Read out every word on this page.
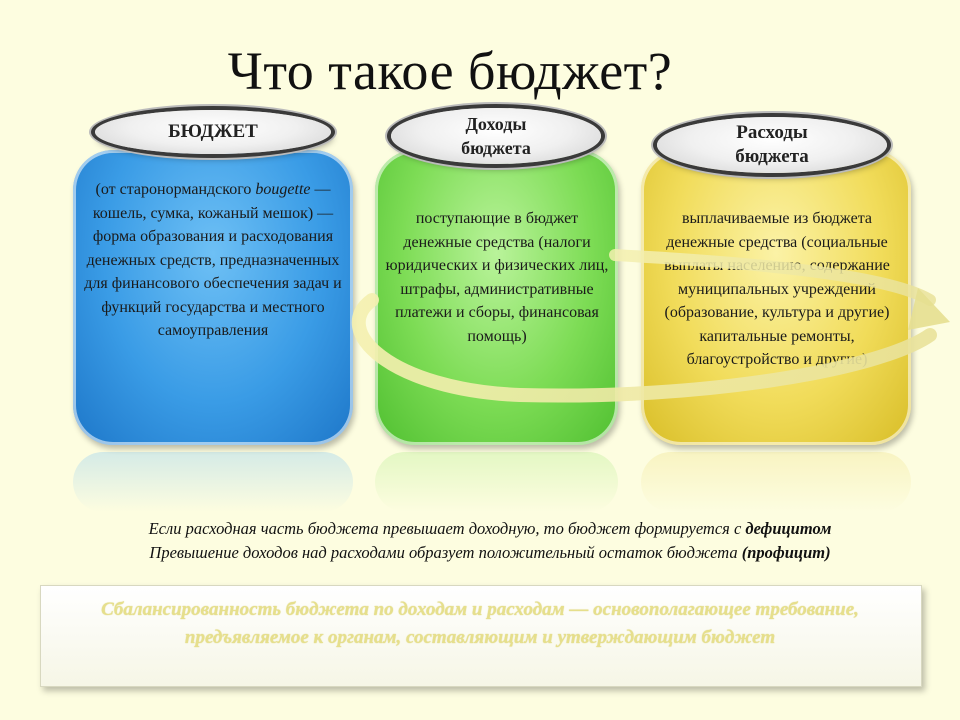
Что такое бюджет?
(от старонормандского bougette — кошель, сумка, кожаный мешок) — форма образования и расходования денежных средств, предназначенных для финансового обеспечения задач и функций государства и местного самоуправления
поступающие в бюджет денежные средства (налоги юридических и физических лиц, штрафы, административные платежи и сборы, финансовая помощь)
выплачиваемые из бюджета денежные средства (социальные выплаты населению, содержание муниципальных учреждений (образование, культура и другие) капитальные ремонты, благоустройство и другие)
БЮДЖЕТ	Доходы бюджета
Расходы бюджета
Если расходная часть бюджета превышает доходную, то бюджет формируется с дефицитом
Превышение доходов над расходами образует положительный остаток бюджета (профицит)
Сбалансированность бюджета по доходам и расходам — основополагающее требование, предъявляемое к органам, составляющим и утверждающим бюджет
